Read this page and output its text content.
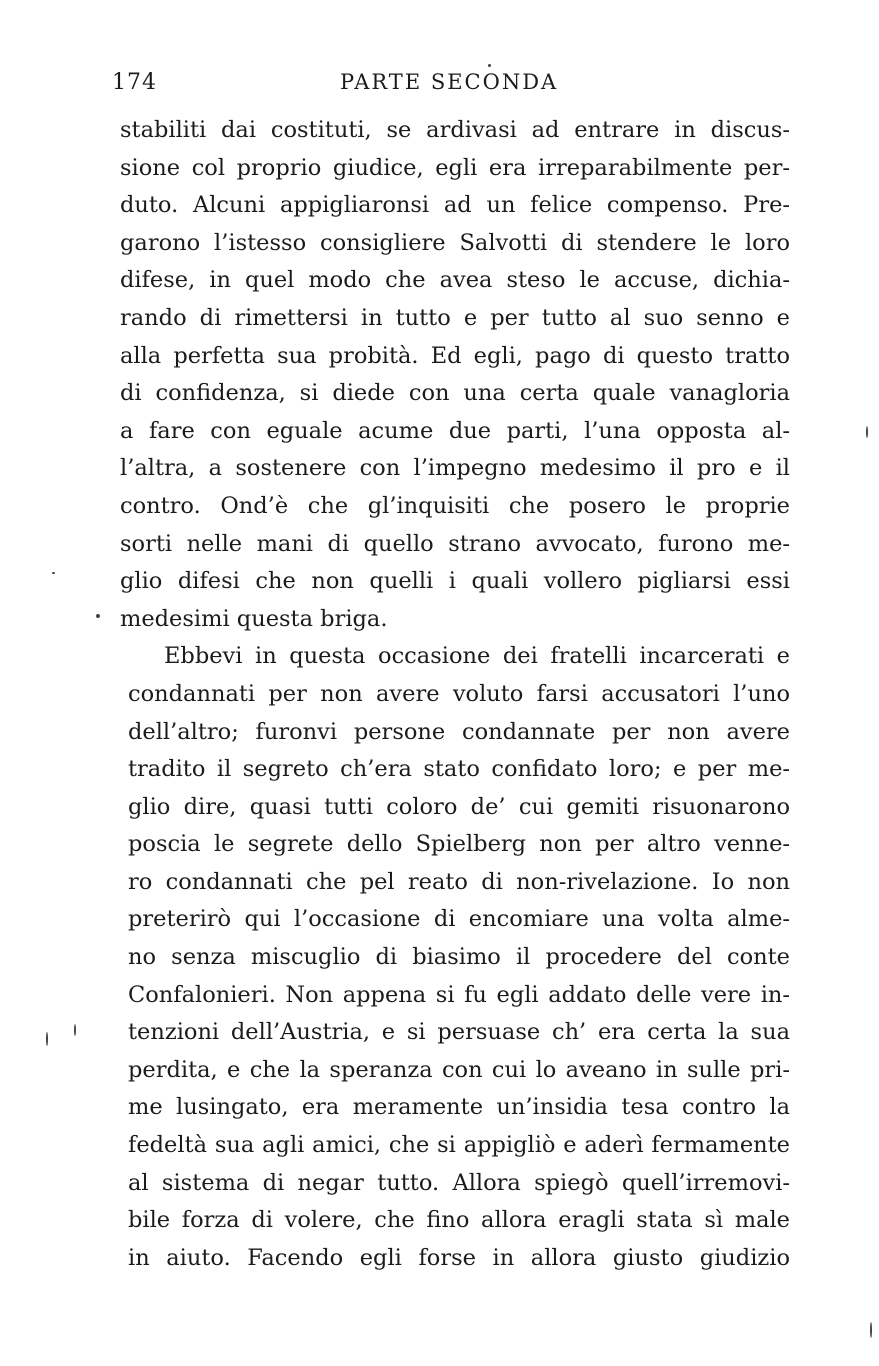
174	PARTE SECONDA
stabiliti dai costituti, se ardivasi ad entrare in discus-
sione col proprio giudice, egli era irreparabilmente per-
duto. Alcuni appigliaronsi ad un felice compenso. Pre-
garono l’istesso consigliere Salvotti di stendere le loro
difese, in quel modo che avea steso le accuse, dichia-
rando di rimettersi in tutto e per tutto al suo senno e
alla perfetta sua probità. Ed egli, pago di questo tratto
di confidenza, si diede con una certa quale vanagloria
a fare con eguale acume due parti, l’una opposta al-
l’altra, a sostenere con l’impegno medesimo il pro e il
contro. Ond’è che gl’inquisiti che posero le proprie
sorti nelle mani di quello strano avvocato, furono me-
glio difesi che non quelli i quali vollero pigliarsi essi
medesimi questa briga.
Ebbevi in questa occasione dei fratelli incarcerati e
condannati per non avere voluto farsi accusatori l’uno
dell’altro; furonvi persone condannate per non avere
tradito il segreto ch’era stato confidato loro; e per me-
glio dire, quasi tutti coloro de’ cui gemiti risuonarono
poscia le segrete dello Spielberg non per altro venne-
ro condannati che pel reato di non-rivelazione. Io non
preterirò qui l’occasione di encomiare una volta alme-
no senza miscuglio di biasimo il procedere del conte
Confalonieri. Non appena si fu egli addato delle vere in-
tenzioni dell’Austria, e si persuase ch’ era certa la sua
perdita, e che la speranza con cui lo aveano in sulle pri-
me lusingato, era meramente un’insidia tesa contro la
fedeltà sua agli amici, che si appigliò e aderì fermamente
al sistema di negar tutto. Allora spiegò quell’irremovi-
bile forza di volere, che fino allora eragli stata sì male
in aiuto. Facendo egli forse in allora giusto giudizio
